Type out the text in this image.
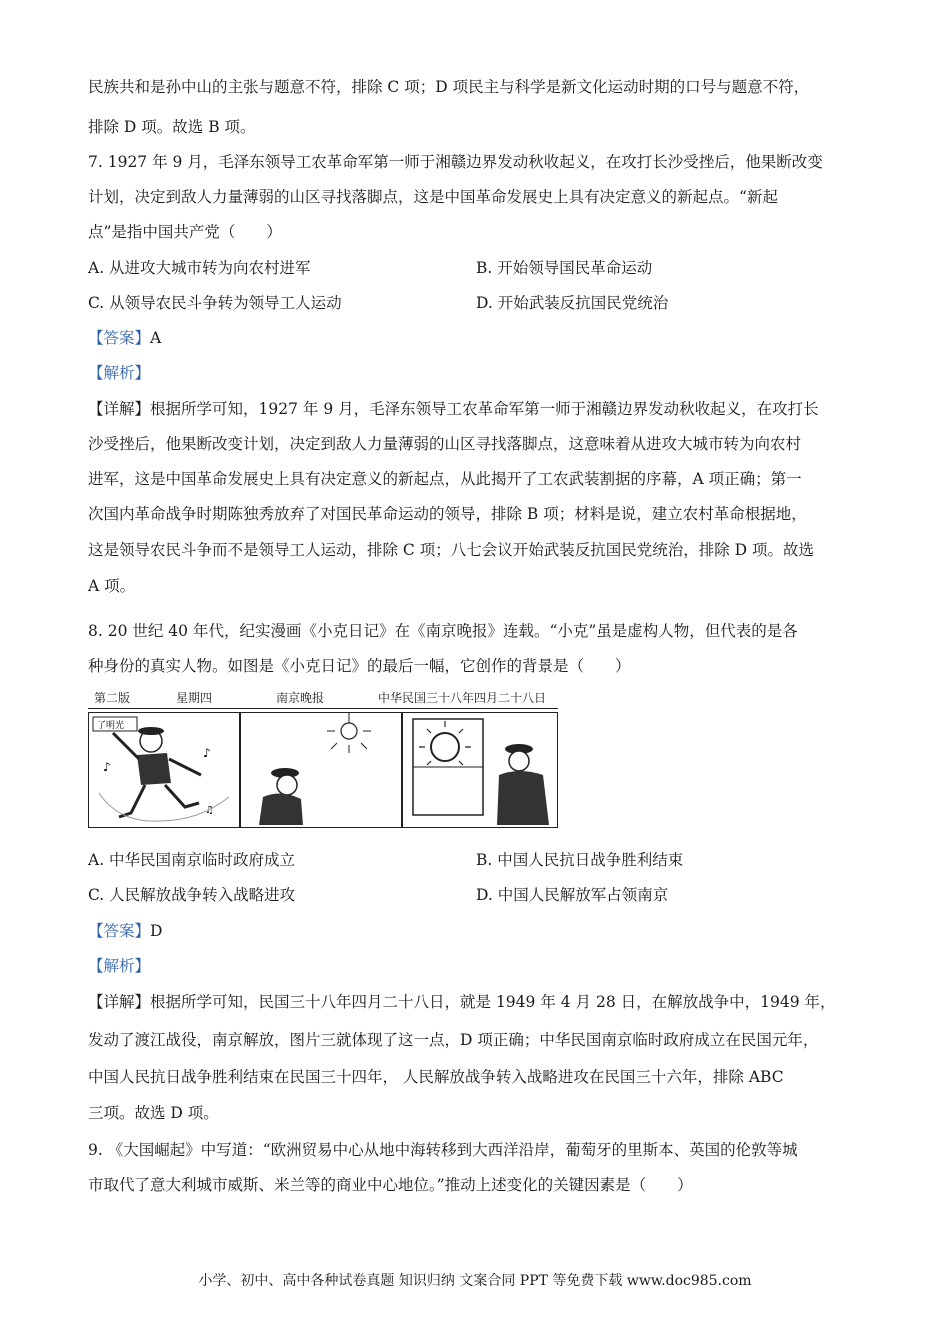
民族共和是孙中山的主张与题意不符，排除 C 项；D 项民主与科学是新文化运动时期的口号与题意不符，
排除 D 项。故选 B 项。
7. 1927 年 9 月，毛泽东领导工农革命军第一师于湘赣边界发动秋收起义，在攻打长沙受挫后，他果断改变
计划，决定到敌人力量薄弱的山区寻找落脚点，这是中国革命发展史上具有决定意义的新起点。“新起
点”是指中国共产党（　　）
A. 从进攻大城市转为向农村进军	B. 开始领导国民革命运动
C. 从领导农民斗争转为领导工人运动	D. 开始武装反抗国民党统治
【答案】A
【解析】
【详解】根据所学可知，1927 年 9 月，毛泽东领导工农革命军第一师于湘赣边界发动秋收起义，在攻打长
沙受挫后，他果断改变计划，决定到敌人力量薄弱的山区寻找落脚点，这意味着从进攻大城市转为向农村
进军，这是中国革命发展史上具有决定意义的新起点，从此揭开了工农武装割据的序幕，A 项正确；第一
次国内革命战争时期陈独秀放弃了对国民革命运动的领导，排除 B 项；材料是说，建立农村革命根据地，
这是领导农民斗争而不是领导工人运动，排除 C 项；八七会议开始武装反抗国民党统治，排除 D 项。故选
A 项。
8. 20 世纪 40 年代，纪实漫画《小克日记》在《南京晚报》连载。“小克”虽是虚构人物，但代表的是各
种身份的真实人物。如图是《小克日记》的最后一幅，它创作的背景是（　　）
第二版	星期四	南京晚报	中华民国三十八年四月二十八日
了明光
♪
♪
♫
A. 中华民国南京临时政府成立	B. 中国人民抗日战争胜利结束
C. 人民解放战争转入战略进攻	D. 中国人民解放军占领南京
【答案】D
【解析】
【详解】根据所学可知，民国三十八年四月二十八日，就是 1949 年 4 月 28 日，在解放战争中，1949 年，
发动了渡江战役，南京解放，图片三就体现了这一点，D 项正确；中华民国南京临时政府成立在民国元年，
中国人民抗日战争胜利结束在民国三十四年， 人民解放战争转入战略进攻在民国三十六年，排除 ABC
三项。故选 D 项。
9. 《大国崛起》中写道：“欧洲贸易中心从地中海转移到大西洋沿岸，葡萄牙的里斯本、英国的伦敦等城
市取代了意大利城市威斯、米兰等的商业中心地位。”推动上述变化的关键因素是（　　）
小学、初中、高中各种试卷真题 知识归纳 文案合同 PPT 等免费下载 www.doc985.com
